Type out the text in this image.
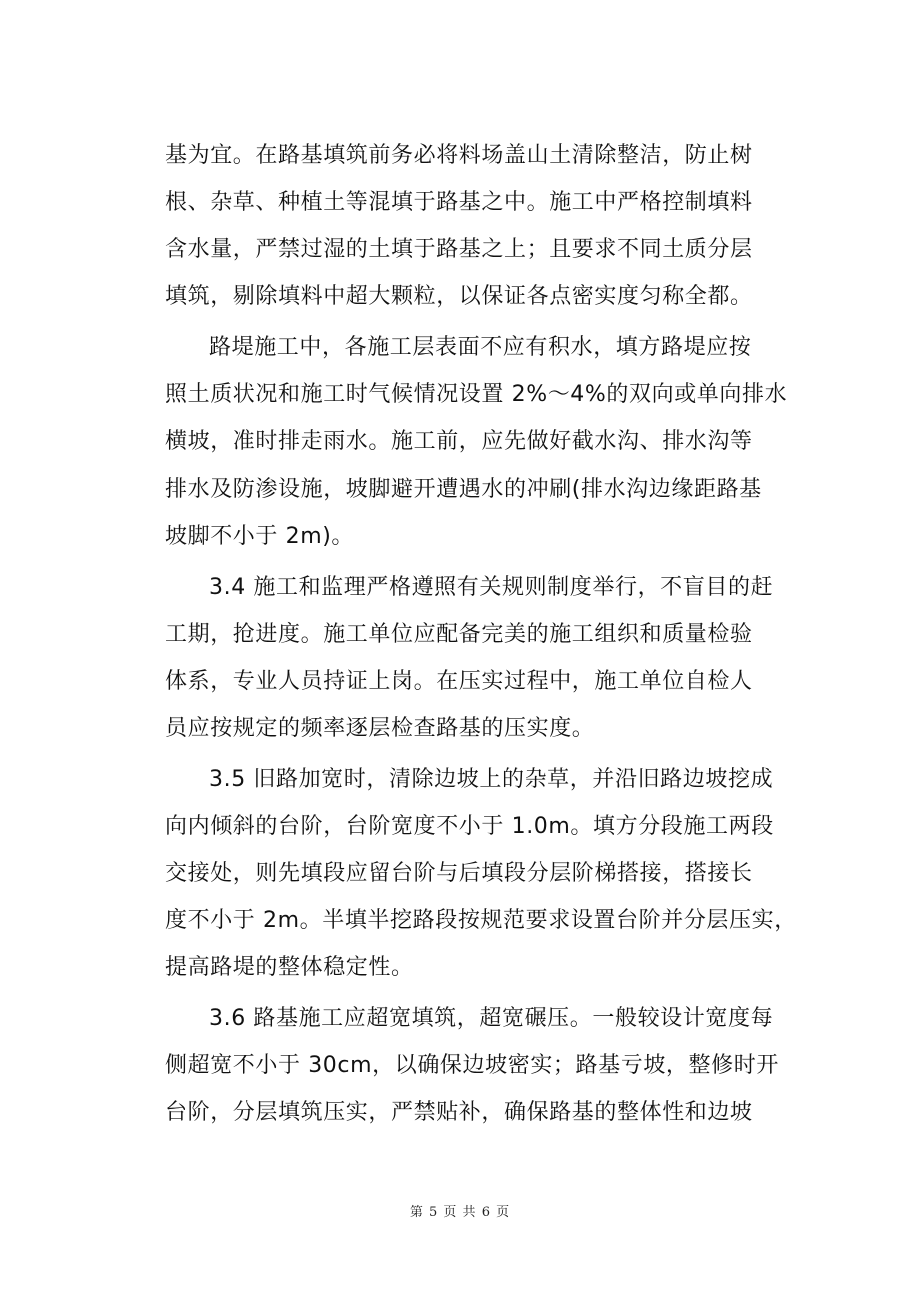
基为宜。在路基填筑前务必将料场盖山土清除整洁，防止树
根、杂草、种植土等混填于路基之中。施工中严格控制填料
含水量，严禁过湿的土填于路基之上；且要求不同土质分层
填筑，剔除填料中超大颗粒，以保证各点密实度匀称全都。
路堤施工中，各施工层表面不应有积水，填方路堤应按
照土质状况和施工时气候情况设置 2%～4%的双向或单向排水
横坡，准时排走雨水。施工前，应先做好截水沟、排水沟等
排水及防渗设施，坡脚避开遭遇水的冲刷(排水沟边缘距路基
坡脚不小于 2m)。
3.4 施工和监理严格遵照有关规则制度举行，不盲目的赶
工期，抢进度。施工单位应配备完美的施工组织和质量检验
体系，专业人员持证上岗。在压实过程中，施工单位自检人
员应按规定的频率逐层检查路基的压实度。
3.5 旧路加宽时，清除边坡上的杂草，并沿旧路边坡挖成
向内倾斜的台阶，台阶宽度不小于 1.0m。填方分段施工两段
交接处，则先填段应留台阶与后填段分层阶梯搭接，搭接长
度不小于 2m。半填半挖路段按规范要求设置台阶并分层压实，
提高路堤的整体稳定性。
3.6 路基施工应超宽填筑，超宽碾压。一般较设计宽度每
侧超宽不小于 30cm，以确保边坡密实；路基亏坡，整修时开
台阶，分层填筑压实，严禁贴补，确保路基的整体性和边坡
第 5 页 共 6 页
